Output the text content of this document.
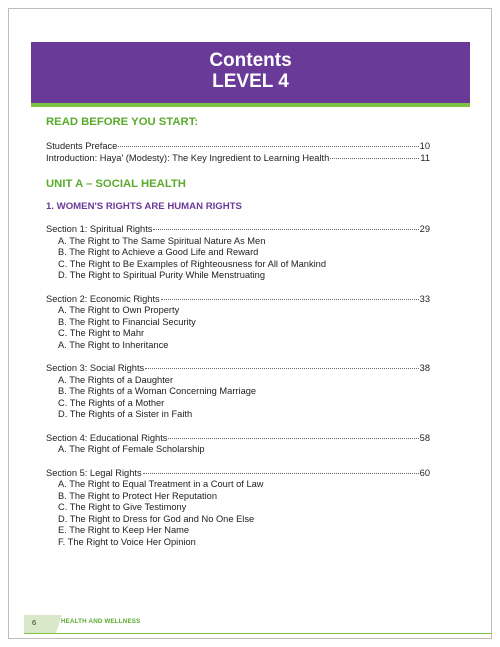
Contents
LEVEL 4
READ BEFORE YOU START:
Students Preface	10
Introduction: Haya' (Modesty): The Key Ingredient to Learning Health	11
UNIT A – SOCIAL HEALTH
1. WOMEN'S RIGHTS ARE HUMAN RIGHTS
Section 1: Spiritual Rights	29
A. The Right to The Same Spiritual Nature As Men
B. The Right to Achieve a Good Life and Reward
C. The Right to Be Examples of Righteousness for All of Mankind
D. The Right to Spiritual Purity While Menstruating
Section 2: Economic Rights	33
A. The Right to Own Property
B. The Right to Financial Security
C. The Right to Mahr
A. The Right to Inheritance
Section 3: Social Rights	38
A. The Rights of a Daughter
B. The Rights of a Woman Concerning Marriage
C. The Rights of a Mother
D. The Rights of a Sister in Faith
Section 4: Educational Rights	58
A. The Right of Female Scholarship
Section 5: Legal Rights	60
A. The Right to Equal Treatment in a Court of Law
B. The Right to Protect Her Reputation
C. The Right to Give Testimony
D. The Right to Dress for God and No One Else
E. The Right to Keep Her Name
F. The Right to Voice Her Opinion
6	HEALTH AND WELLNESS
